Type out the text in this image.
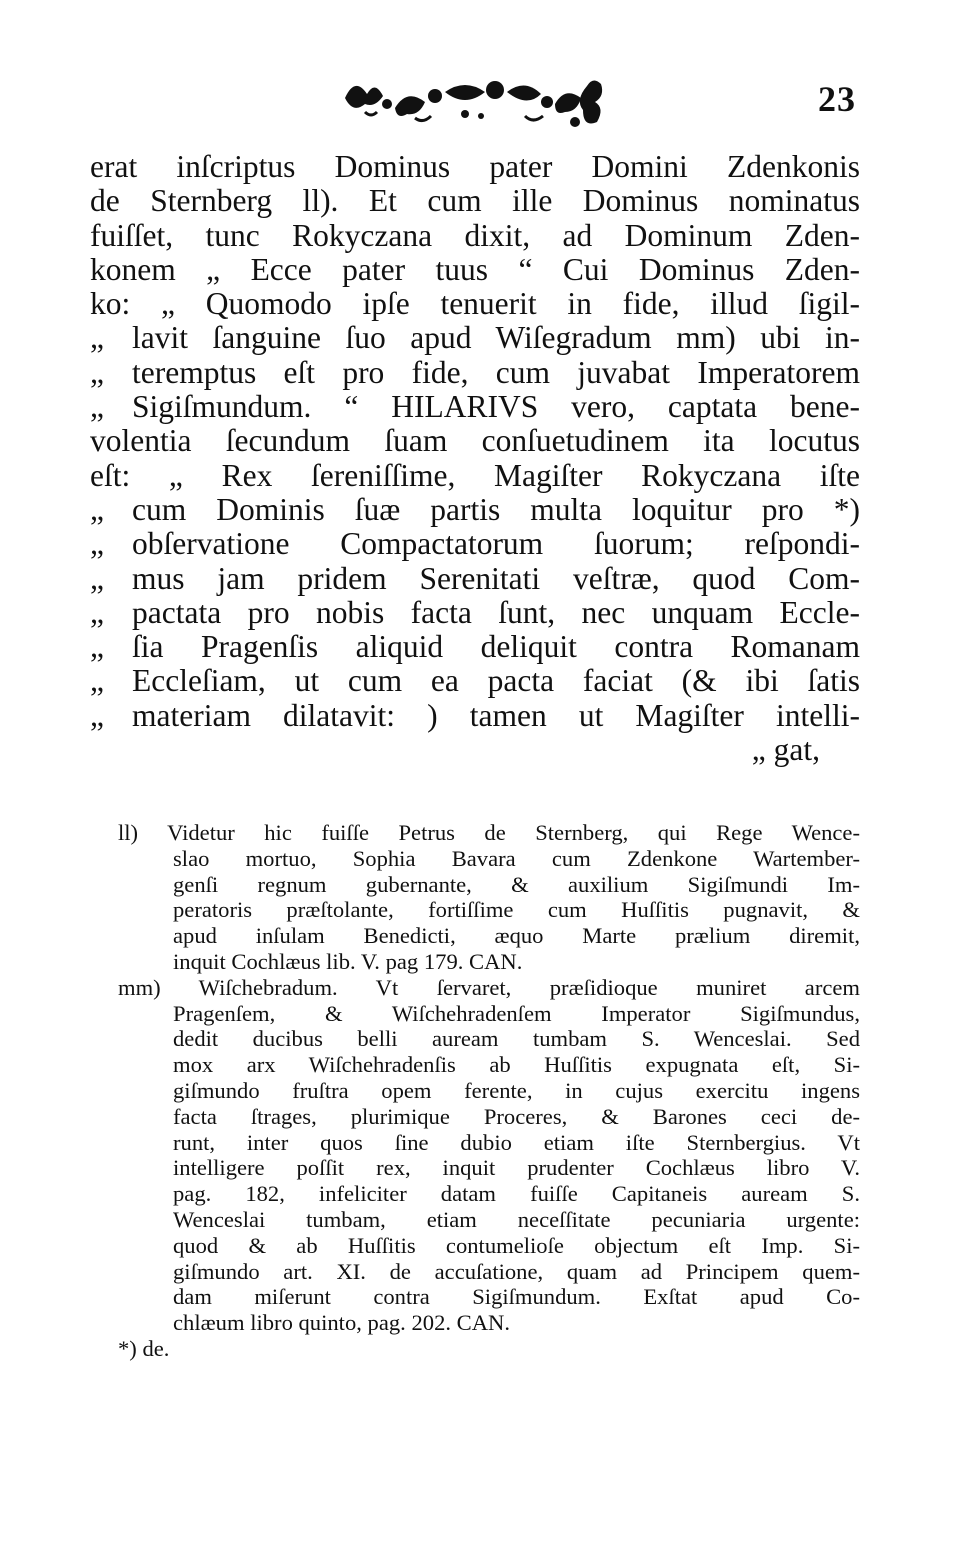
23
erat inſcriptus Dominus pater Domini Zdenkonis
de Sternberg ll). Et cum ille Dominus nominatus
fuiſſet, tunc Rokyczana dixit, ad Dominum Zden-
konem „ Ecce pater tuus “ Cui Dominus Zden-
ko: „ Quomodo ipſe tenuerit in fide, illud ſigil-
„ lavit ſanguine ſuo apud Wiſegradum mm) ubi in-
„ teremptus eſt pro fide, cum juvabat Imperatorem
„ Sigiſmundum. “ HILARIVS vero, captata bene-
volentia ſecundum ſuam conſuetudinem ita locutus
eſt: „ Rex ſereniſſime, Magiſter Rokyczana iſte
„ cum Dominis ſuæ partis multa loquitur pro *)
„ obſervatione Compactatorum ſuorum; reſpondi-
„ mus jam pridem Serenitati veſtræ, quod Com-
„ pactata pro nobis facta ſunt, nec unquam Eccle-
„ ſia Pragenſis aliquid deliquit contra Romanam
„ Eccleſiam, ut cum ea pacta faciat (& ibi ſatis
„ materiam dilatavit: ) tamen ut Magiſter intelli-
„ gat,
ll) Videtur hic fuiſſe Petrus de Sternberg, qui Rege Wence-
slao mortuo, Sophia Bavara cum Zdenkone Wartember-
genſi regnum gubernante, & auxilium Sigiſmundi Im-
peratoris præſtolante, fortiſſime cum Huſſitis pugnavit, &
apud inſulam Benedicti, æquo Marte prælium diremit,
inquit Cochlæus lib. V. pag 179. CAN.
mm) Wiſchebradum. Vt ſervaret, præſidioque muniret arcem
Pragenſem, & Wiſchehradenſem Imperator Sigiſmundus,
dedit ducibus belli auream tumbam S. Wenceslai. Sed
mox arx Wiſchehradenſis ab Huſſitis expugnata eſt, Si-
giſmundo fruſtra opem ferente, in cujus exercitu ingens
facta ſtrages, plurimique Proceres, & Barones ceci de-
runt, inter quos ſine dubio etiam iſte Sternbergius. Vt
intelligere poſſit rex, inquit prudenter Cochlæus libro V.
pag. 182, infeliciter datam fuiſſe Capitaneis auream S.
Wenceslai tumbam, etiam neceſſitate pecuniaria urgente:
quod & ab Huſſitis contumelioſe objectum eſt Imp. Si-
giſmundo art. XI. de accuſatione, quam ad Principem quem-
dam miſerunt contra Sigiſmundum. Exſtat apud Co-
chlæum libro quinto, pag. 202. CAN.
*) de.
